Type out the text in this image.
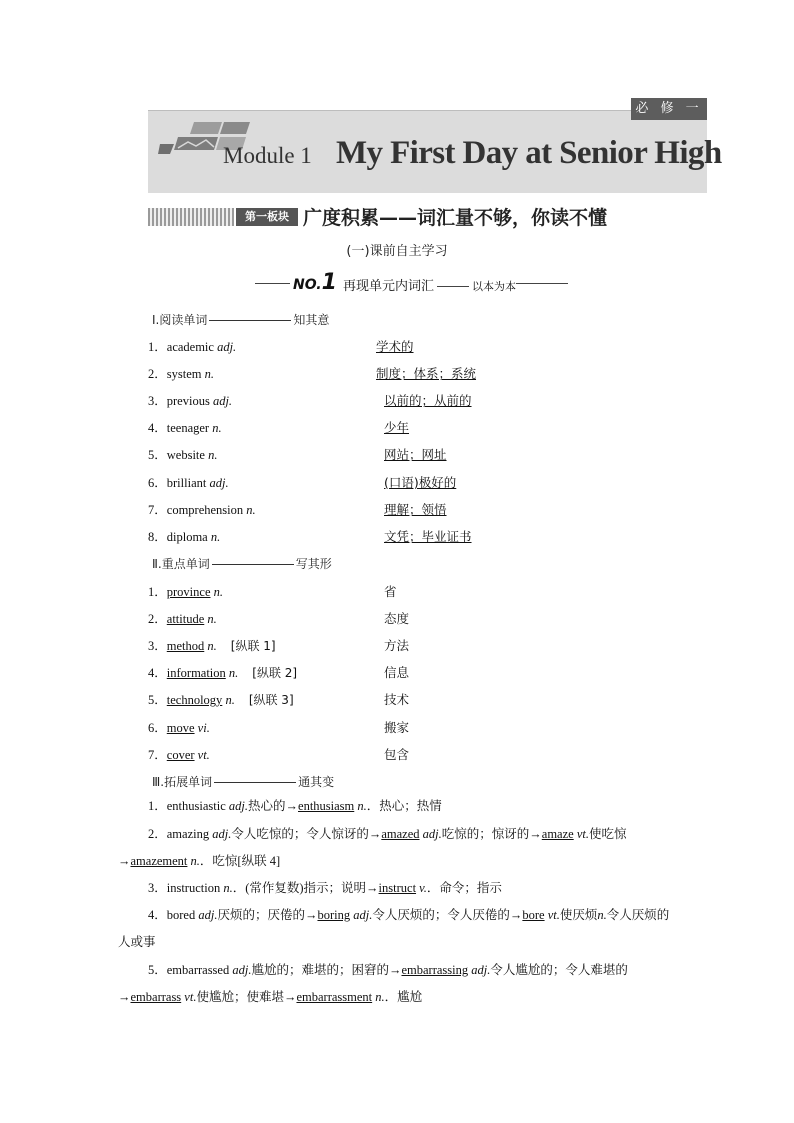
必 修 一
Module 1 My First Day at Senior High
第一板块 广度积累——词汇量不够，你读不懂
(一)课前自主学习
NO.1 再现单元内词汇	以本为本
Ⅰ.阅读单词	知其意
1．academic adj.	学术的
2．system n.	制度；体系；系统
3．previous adj.	以前的；从前的
4．teenager n.	少年
5．website n.	网站；网址
6．brilliant adj.	(口语)极好的
7．comprehension n.	理解；领悟
8．diploma n.	文凭；毕业证书
Ⅱ.重点单词	写其形
1．province n.	省
2．attitude n.	态度
3．method n. [纵联 1]	方法
4．information n. [纵联 2]	信息
5．technology n. [纵联 3]	技术
6．move vi.	搬家
7．cover vt.	包含
Ⅲ.拓展单词	通其变
1．enthusiastic adj.热心的→enthusiasm n.．热心；热情
2．amazing adj.令人吃惊的；令人惊讶的→amazed adj.吃惊的；惊讶的→amaze vt.使吃惊→amazement n.．吃惊[纵联 4]
3．instruction n.．(常作复数)指示；说明→instruct v.．命令；指示
4．bored adj.厌烦的；厌倦的→boring adj.令人厌烦的；令人厌倦的→bore vt.使厌烦n.令人厌烦的人或事
5．embarrassed adj.尴尬的；难堪的；困窘的→embarrassing adj.令人尴尬的；令人难堪的→embarrass vt.使尴尬；使难堪→embarrassment n.．尴尬
